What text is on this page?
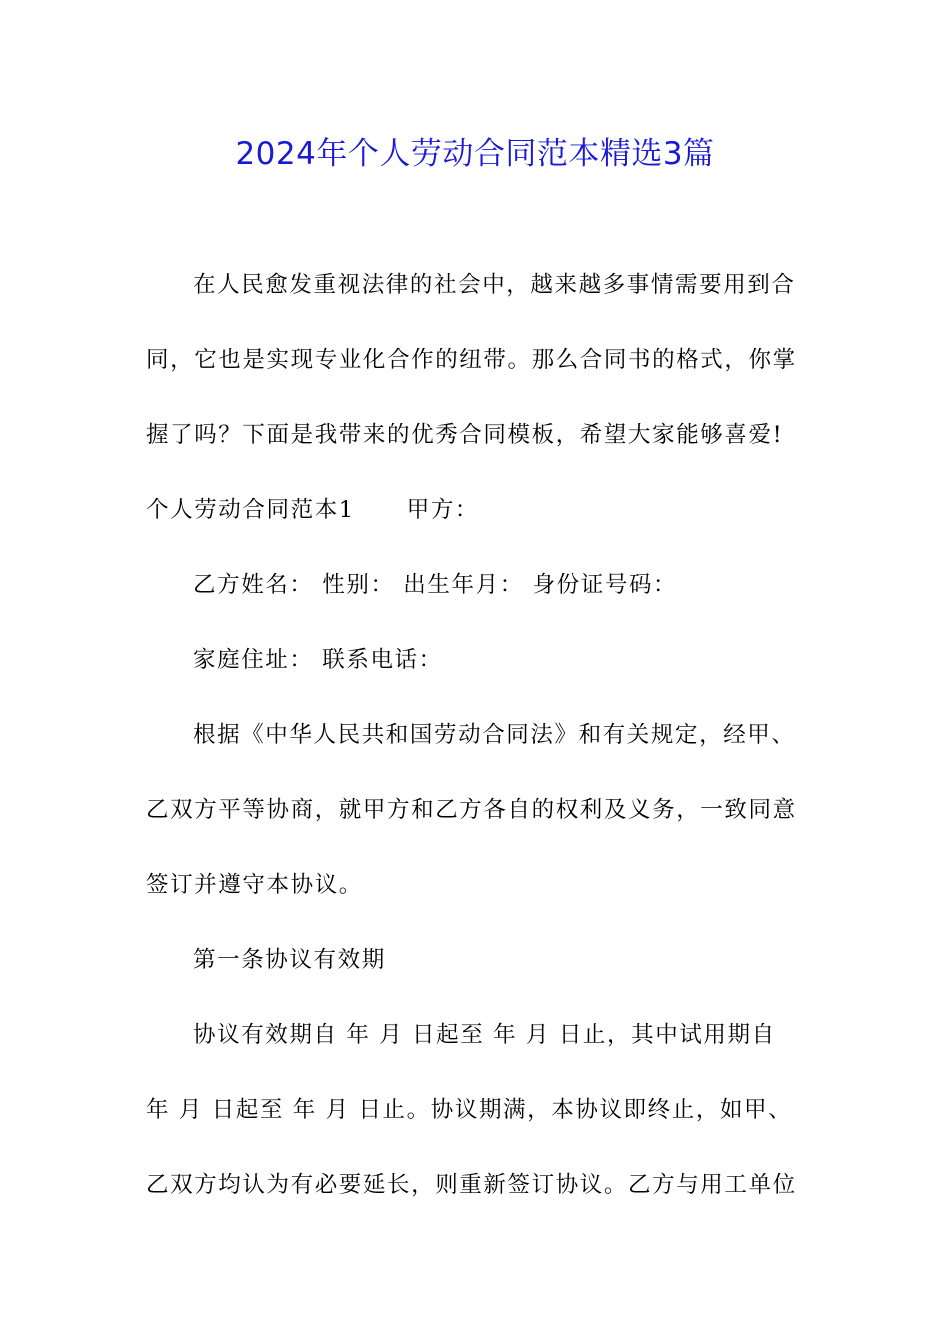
2024年个人劳动合同范本精选3篇
在人民愈发重视法律的社会中，越来越多事情需要用到合
同，它也是实现专业化合作的纽带。那么合同书的格式，你掌
握了吗？下面是我带来的优秀合同模板，希望大家能够喜爱!
个人劳动合同范本1 甲方：
乙方姓名： 性别： 出生年月： 身份证号码：
家庭住址： 联系电话：
根据《中华人民共和国劳动合同法》和有关规定，经甲、
乙双方平等协商，就甲方和乙方各自的权利及义务，一致同意
签订并遵守本协议。
第一条协议有效期
协议有效期自 年 月 日起至 年 月 日止，其中试用期自
年 月 日起至 年 月 日止。协议期满，本协议即终止，如甲、
乙双方均认为有必要延长，则重新签订协议。乙方与用工单位
